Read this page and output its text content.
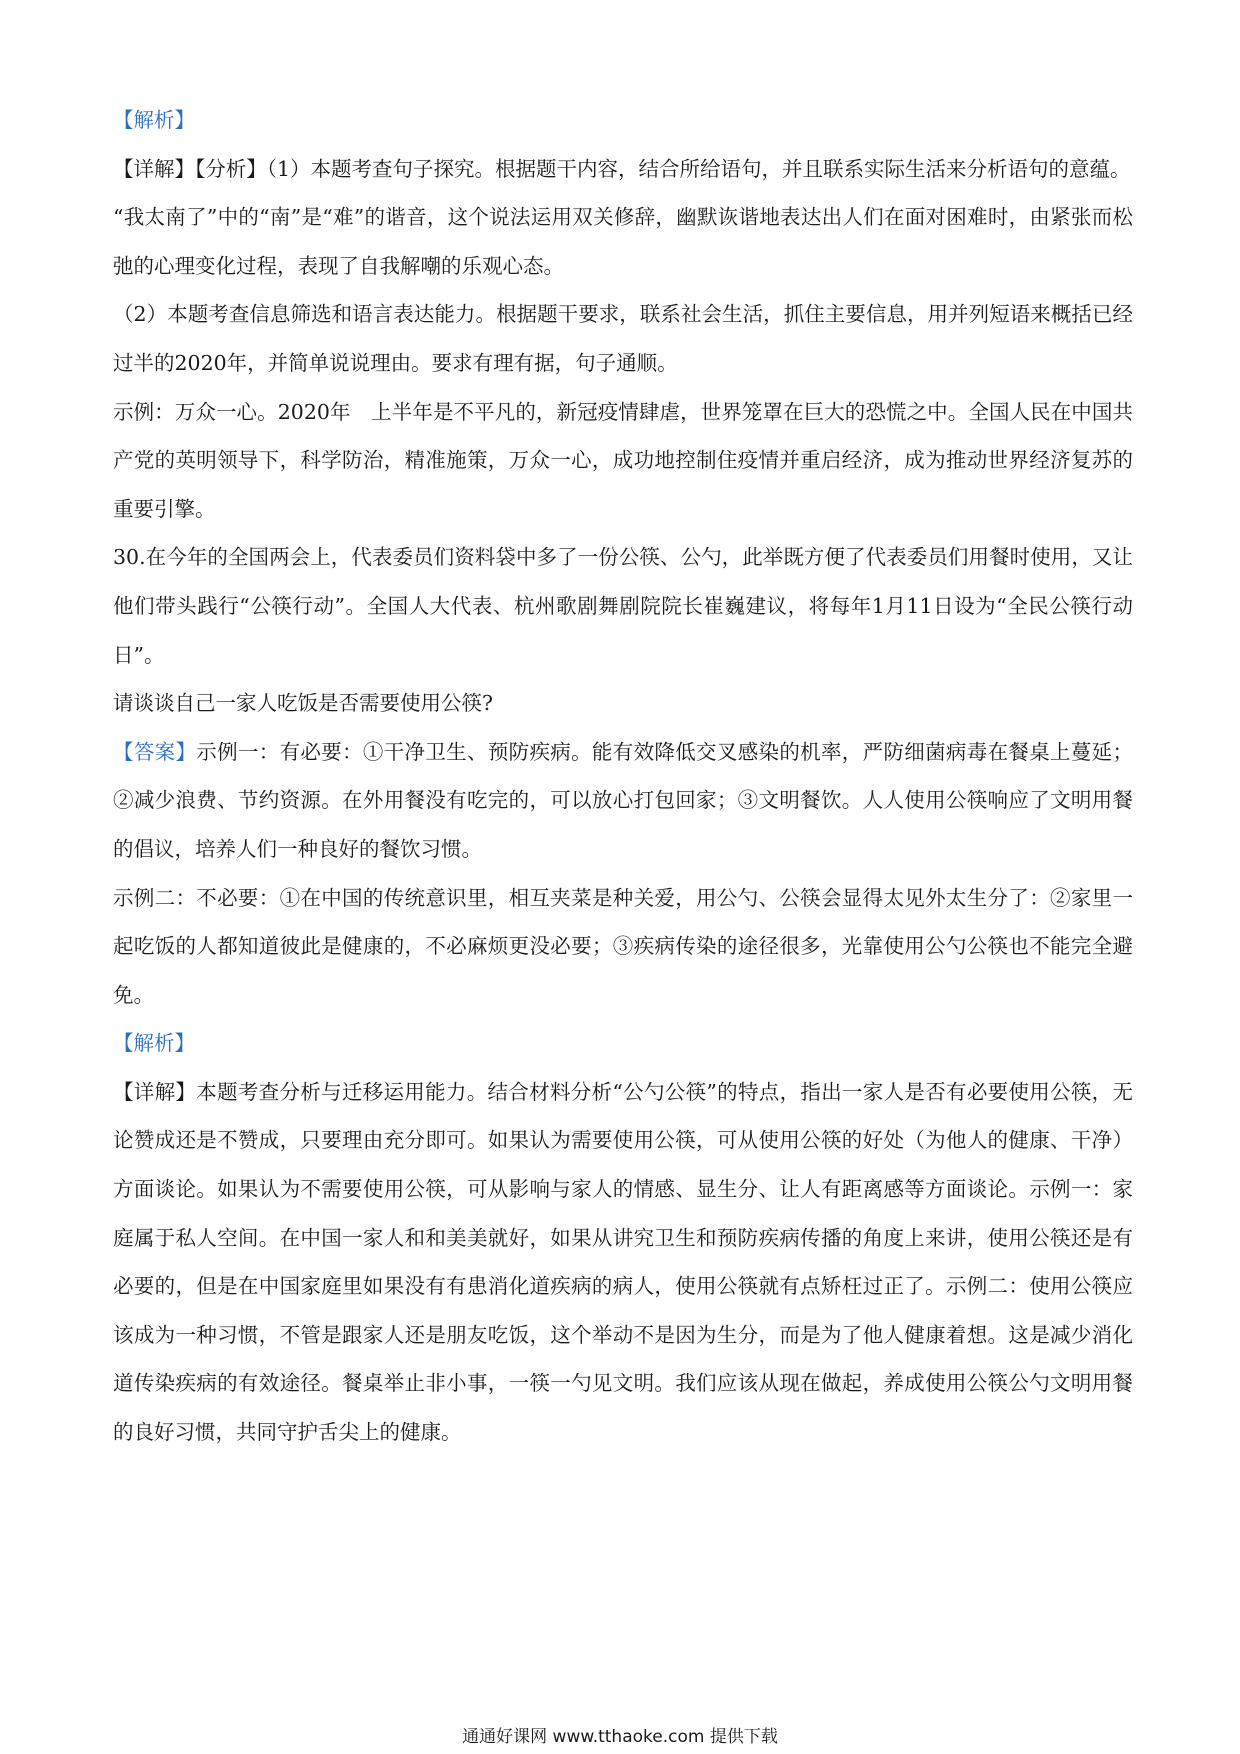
【解析】

【详解】【分析】（1）本题考查句子探究。根据题干内容，结合所给语句，并且联系实际生活来分析语句的意蕴。

“我太南了”中的“南”是“难”的谐音，这个说法运用双关修辞，幽默诙谐地表达出人们在面对困难时，由紧张而松弛的心理变化过程，表现了自我解嘲的乐观心态。

（2）本题考查信息筛选和语言表达能力。根据题干要求，联系社会生活，抓住主要信息，用并列短语来概括已经过半的2020年，并简单说说理由。要求有理有据，句子通顺。

示例：万众一心。2020年　上半年是不平凡的，新冠疫情肆虐，世界笼罩在巨大的恐慌之中。全国人民在中国共产党的英明领导下，科学防治，精准施策，万众一心，成功地控制住疫情并重启经济，成为推动世界经济复苏的重要引擎。

30.在今年的全国两会上，代表委员们资料袋中多了一份公筷、公勺，此举既方便了代表委员们用餐时使用，又让他们带头践行“公筷行动”。全国人大代表、杭州歌剧舞剧院院长崔巍建议，将每年1月11日设为“全民公筷行动日”。

请谈谈自己一家人吃饭是否需要使用公筷?

【答案】示例一：有必要：①干净卫生、预防疾病。能有效降低交叉感染的机率，严防细菌病毒在餐桌上蔓延；②减少浪费、节约资源。在外用餐没有吃完的，可以放心打包回家；③文明餐饮。人人使用公筷响应了文明用餐的倡议，培养人们一种良好的餐饮习惯。

示例二：不必要：①在中国的传统意识里，相互夹菜是种关爱，用公勺、公筷会显得太见外太生分了：②家里一起吃饭的人都知道彼此是健康的，不必麻烦更没必要；③疾病传染的途径很多，光靠使用公勺公筷也不能完全避免。

【解析】

【详解】本题考查分析与迁移运用能力。结合材料分析“公勺公筷”的特点，指出一家人是否有必要使用公筷，无论赞成还是不赞成，只要理由充分即可。如果认为需要使用公筷，可从使用公筷的好处（为他人的健康、干净）方面谈论。如果认为不需要使用公筷，可从影响与家人的情感、显生分、让人有距离感等方面谈论。示例一：家庭属于私人空间。在中国一家人和和美美就好，如果从讲究卫生和预防疾病传播的角度上来讲，使用公筷还是有必要的，但是在中国家庭里如果没有有患消化道疾病的病人，使用公筷就有点矫枉过正了。示例二：使用公筷应该成为一种习惯，不管是跟家人还是朋友吃饭，这个举动不是因为生分，而是为了他人健康着想。这是减少消化道传染疾病的有效途径。餐桌举止非小事，一筷一勺见文明。我们应该从现在做起，养成使用公筷公勺文明用餐的良好习惯，共同守护舌尖上的健康。

通通好课网 www.tthaoke.com 提供下载
